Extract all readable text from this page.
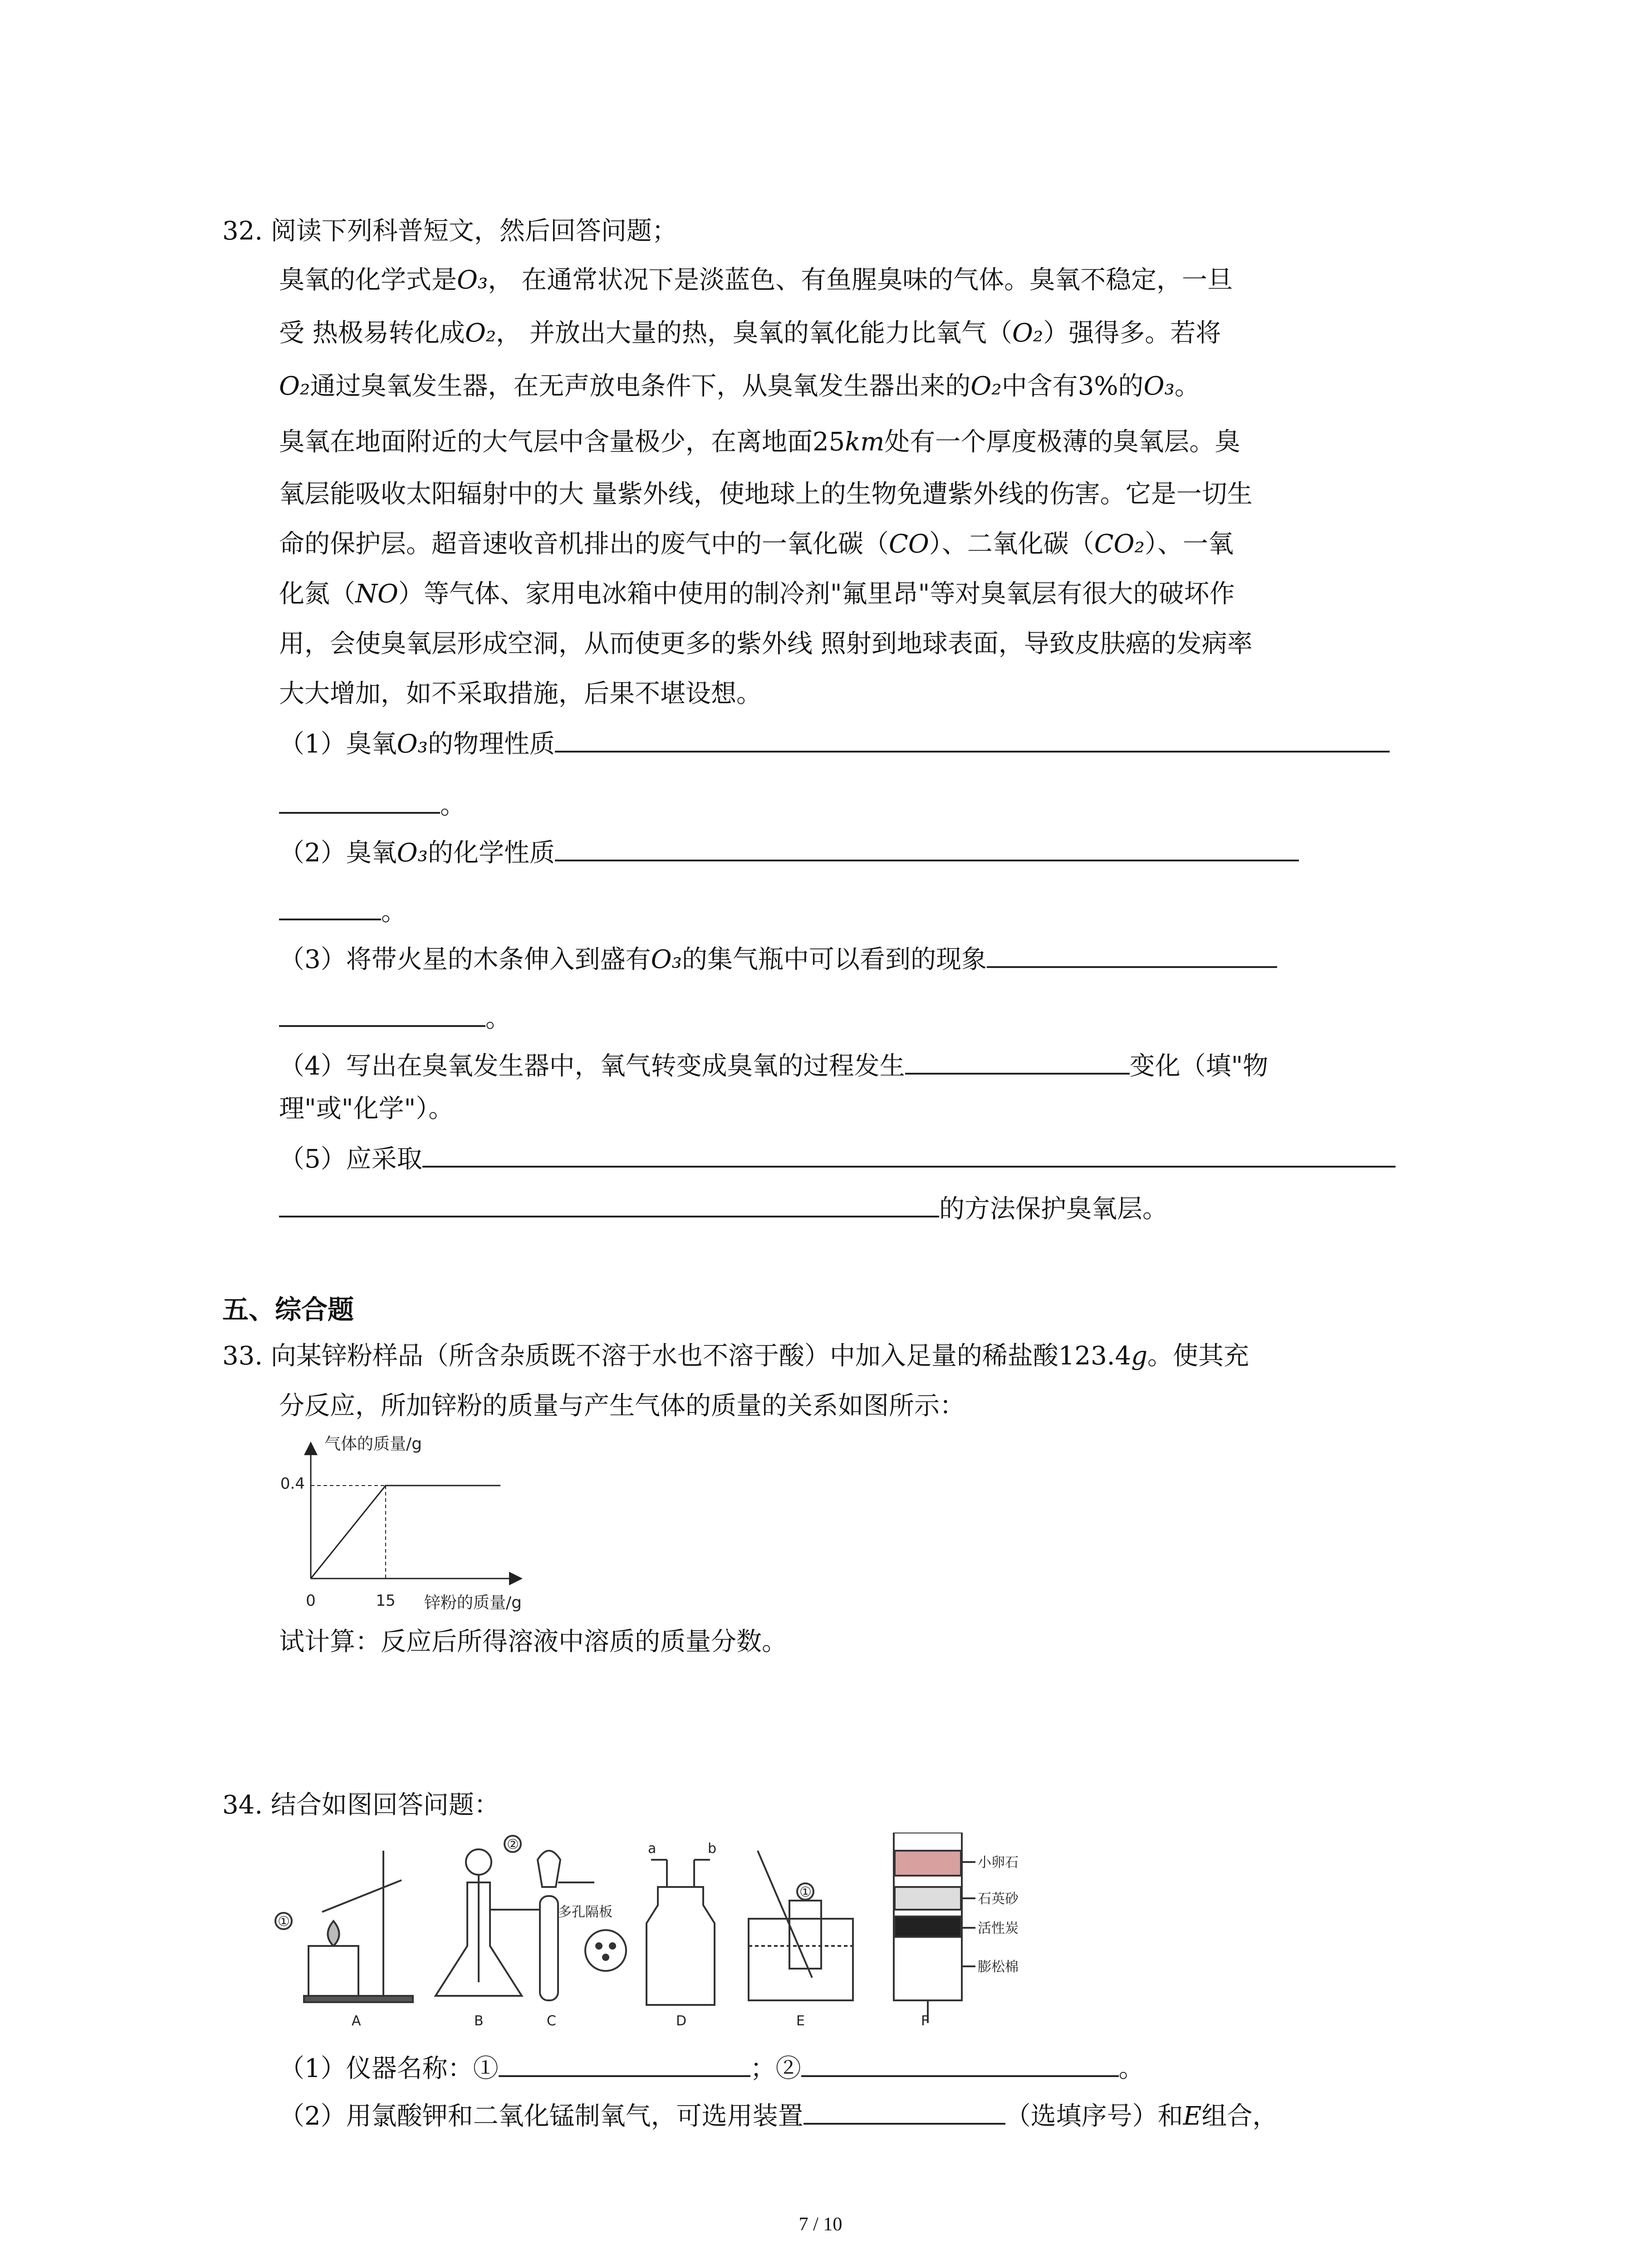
32. 阅读下列科普短文，然后回答问题；
臭氧的化学式是O₃， 在通常状况下是淡蓝色、有鱼腥臭味的气体。臭氧不稳定，一旦
受 热极易转化成O₂， 并放出大量的热，臭氧的氧化能力比氧气（O₂）强得多。若将
O₂通过臭氧发生器，在无声放电条件下，从臭氧发生器出来的O₂中含有3%的O₃。
臭氧在地面附近的大气层中含量极少，在离地面25km处有一个厚度极薄的臭氧层。臭
氧层能吸收太阳辐射中的大 量紫外线，使地球上的生物免遭紫外线的伤害。它是一切生
命的保护层。超音速收音机排出的废气中的一氧化碳（CO）、二氧化碳（CO₂）、一氧
化氮（NO）等气体、家用电冰箱中使用的制冷剂"氟里昂"等对臭氧层有很大的破坏作
用，会使臭氧层形成空洞，从而使更多的紫外线 照射到地球表面，导致皮肤癌的发病率
大大增加，如不采取措施，后果不堪设想。
（1）臭氧O₃的物理性质
。
（2）臭氧O₃的化学性质
。
（3）将带火星的木条伸入到盛有O₃的集气瓶中可以看到的现象
。
（4）写出在臭氧发生器中，氧气转变成臭氧的过程发生	变化（填"物
理"或"化学"）。
（5）应采取
的方法保护臭氧层。
五、综合题
33. 向某锌粉样品（所含杂质既不溶于水也不溶于酸）中加入足量的稀盐酸123.4g。使其充
分反应，所加锌粉的质量与产生气体的质量的关系如图所示：
气体的质量/g
0	15
0.4
锌粉的质量/g
试计算：反应后所得溶液中溶质的质量分数。
34. 结合如图回答问题：
①
②
①
多孔隔板
a	b
小卵石
石英砂
活性炭
膨松棉
A	B	C	D	E	F
（1）仪器名称：①	；②	。
（2）用氯酸钾和二氧化锰制氧气，可选用装置	（选填序号）和E组合，
7 / 10
